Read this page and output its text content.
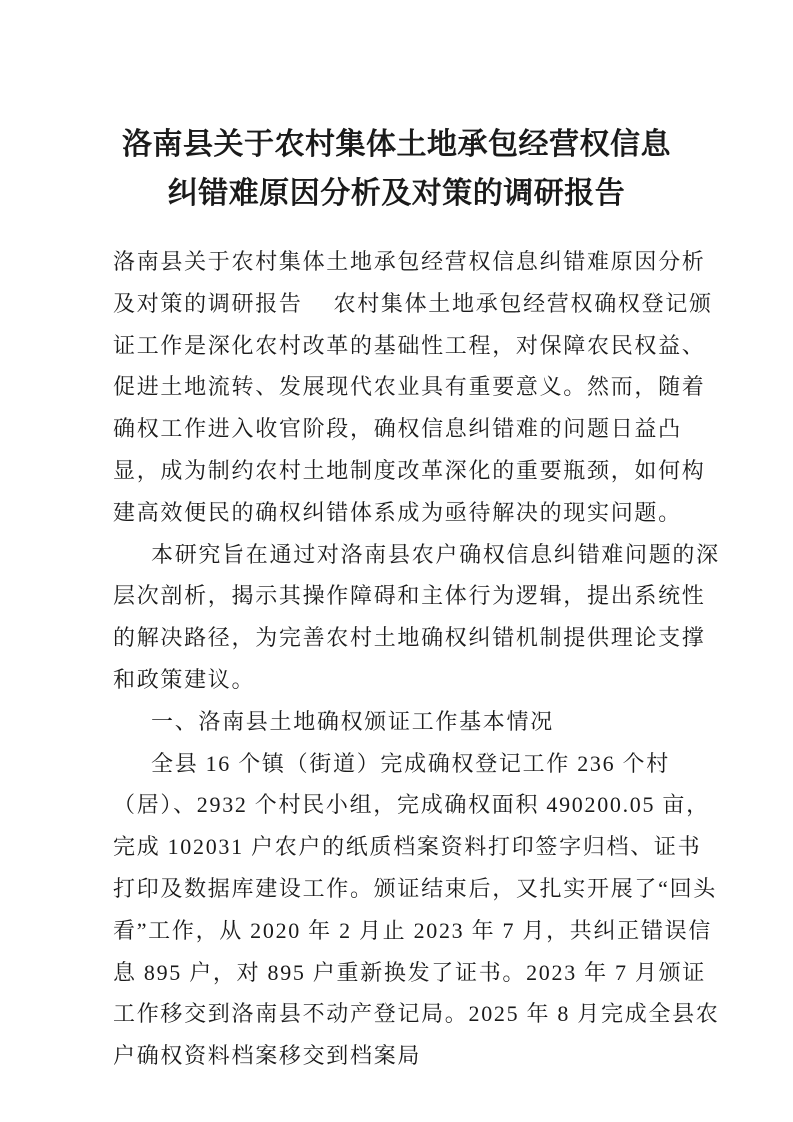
洛南县关于农村集体土地承包经营权信息纠错难原因分析及对策的调研报告

洛南县关于农村集体土地承包经营权信息纠错难原因分析及对策的调研报告　 农村集体土地承包经营权确权登记颁证工作是深化农村改革的基础性工程，对保障农民权益、促进土地流转、发展现代农业具有重要意义。然而，随着确权工作进入收官阶段，确权信息纠错难的问题日益凸显，成为制约农村土地制度改革深化的重要瓶颈，如何构建高效便民的确权纠错体系成为亟待解决的现实问题。

本研究旨在通过对洛南县农户确权信息纠错难问题的深层次剖析，揭示其操作障碍和主体行为逻辑，提出系统性的解决路径，为完善农村土地确权纠错机制提供理论支撑和政策建议。

一、洛南县土地确权颁证工作基本情况

全县 16 个镇（街道）完成确权登记工作 236 个村（居）、2932 个村民小组，完成确权面积 490200.05 亩，完成 102031 户农户的纸质档案资料打印签字归档、证书打印及数据库建设工作。颁证结束后，又扎实开展了“回头看”工作，从 2020 年 2 月止 2023 年 7 月，共纠正错误信息 895 户，对 895 户重新换发了证书。2023 年 7 月颁证工作移交到洛南县不动产登记局。2025 年 8 月完成全县农户确权资料档案移交到档案局
